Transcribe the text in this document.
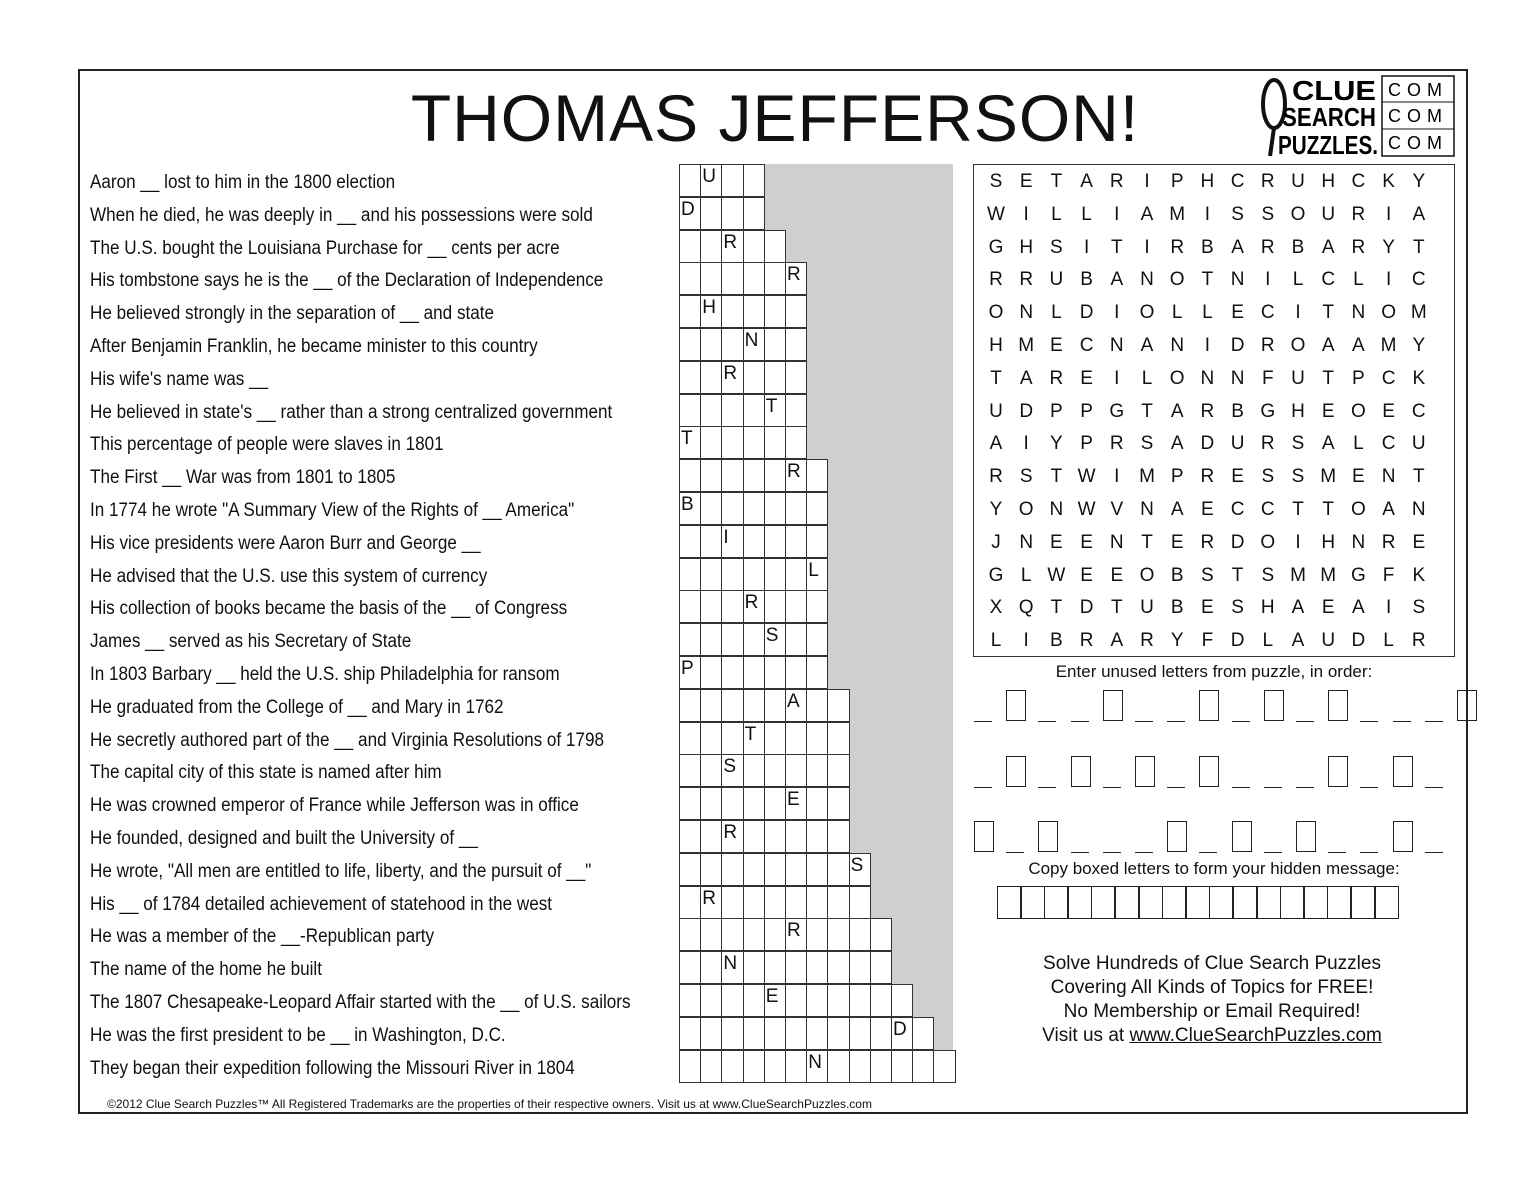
THOMAS JEFFERSON!	CLUE
SEARCH
PUZZLES.
COM
COM
COM
Aaron __ lost to him in the 1800 election
When he died, he was deeply in __ and his possessions were sold
The U.S. bought the Louisiana Purchase for __ cents per acre
His tombstone says he is the __ of the Declaration of Independence
He believed strongly in the separation of __ and state
After Benjamin Franklin, he became minister to this country
His wife's name was __
He believed in state's __ rather than a strong centralized government
This percentage of people were slaves in 1801
The First __ War was from 1801 to 1805
In 1774 he wrote "A Summary View of the Rights of __ America"
His vice presidents were Aaron Burr and George __
He advised that the U.S. use this system of currency
His collection of books became the basis of the __ of Congress
James __ served as his Secretary of State
In 1803 Barbary __ held the U.S. ship Philadelphia for ransom
He graduated from the College of __ and Mary in 1762
He secretly authored part of the __ and Virginia Resolutions of 1798
The capital city of this state is named after him
He was crowned emperor of France while Jefferson was in office
He founded, designed and built the University of __
He wrote, "All men are entitled to life, liberty, and the pursuit of __"
His __ of 1784 detailed achievement of statehood in the west
He was a member of the __-Republican party
The name of the home he built
The 1807 Chesapeake-Leopard Affair started with the __ of U.S. sailors
He was the first president to be __ in Washington, D.C.
They began their expedition following the Missouri River in 1804
U
D
R
R
H
N
R
T
T
R
B
I
L
R
S
P
A
T
S
E
R
S
R
R
N
E
D
N
S E T A R	I	P H C R U H C K Y
W I	L	L	I	A M	I	S S O U R	I	A
G H S	I	T	I	R B A R B A R Y T
R R U B A N O T N	I	L C L	I	C
O N L D	I	O L	L E C	I	T N O M
H M E C N A N	I	D R O A A M Y
T A R E	I	L O N N F U T P C K
U D P P G T A R B G H E O E C
A	I	Y P R S A D U R S A L C U
R S T W I	M P R E S S M E N T
Y O N W V N A E C C T T O A N
J N E E N T E R D O	I	H N R E
G L W E E O B S T S M M G F K
X Q T D T U B E S H A E A	I	S
L	I	B R A R Y F D L A U D L R
Enter unused letters from puzzle, in order:
Copy boxed letters to form your hidden message:
Solve Hundreds of Clue Search Puzzles
Covering All Kinds of Topics for FREE!
No Membership or Email Required!
Visit us at www.ClueSearchPuzzles.com
©2012 Clue Search Puzzles™ All Registered Trademarks are the properties of their respective owners. Visit us at www.ClueSearchPuzzles.com
